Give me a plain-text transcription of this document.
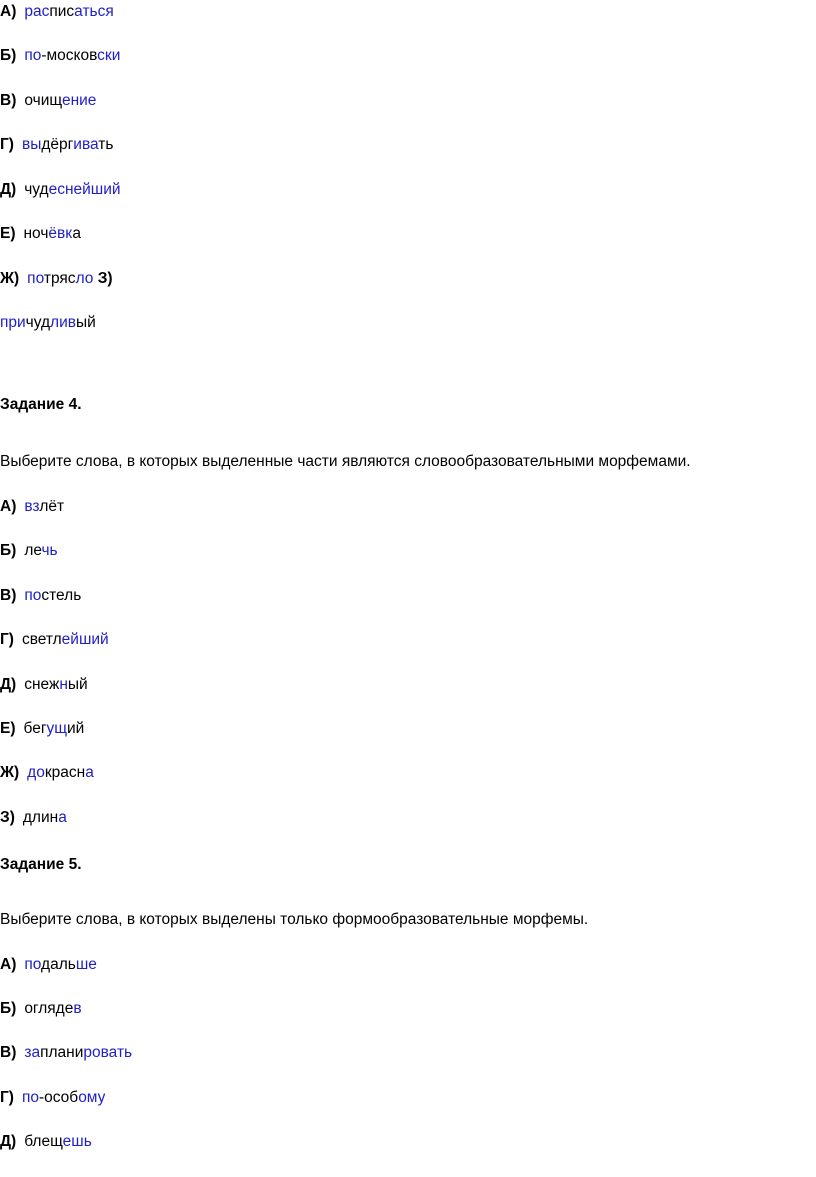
А) расписаться
Б) по-московски
В) очищение
Г) выдёргивать
Д) чудеснейший
Е) ночёвка
Ж) потрясло З)
причудливый
Задание 4.
Выберите слова, в которых выделенные части являются словообразовательными морфемами.
А) взлёт
Б) лечь
В) постель
Г) светлейший
Д) снежный
Е) бегущий
Ж) докрасна
З) длина
Задание 5.
Выберите слова, в которых выделены только формообразовательные морфемы.
А) подальше
Б) оглядев
В) запланировать
Г) по-особому
Д) блещешь
